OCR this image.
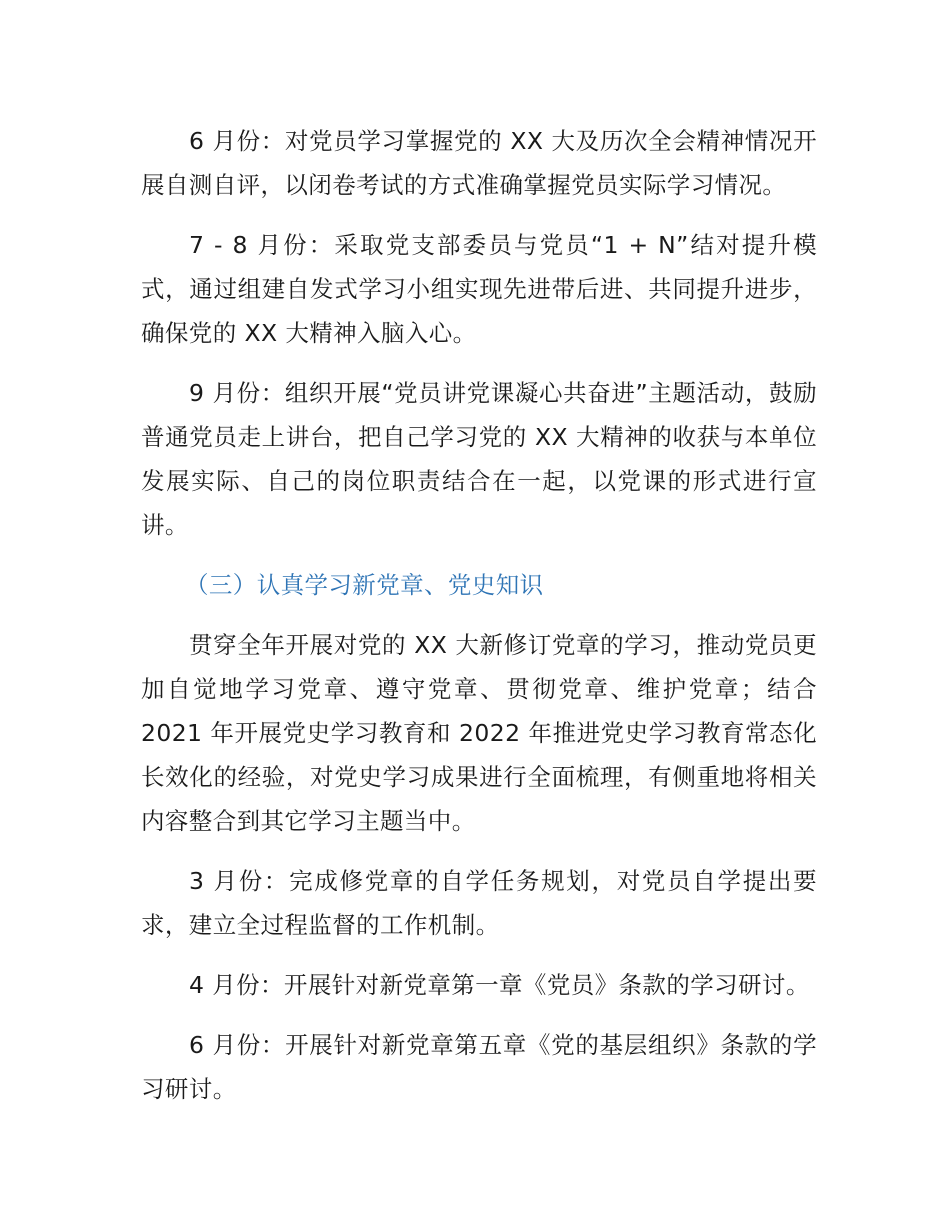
6 月份：对党员学习掌握党的 XX 大及历次全会精神情况开展自测自评，以闭卷考试的方式准确掌握党员实际学习情况。

7 - 8 月份：采取党支部委员与党员“1 + N”结对提升模式，通过组建自发式学习小组实现先进带后进、共同提升进步，确保党的 XX 大精神入脑入心。

9 月份：组织开展“党员讲党课凝心共奋进”主题活动，鼓励普通党员走上讲台，把自己学习党的 XX 大精神的收获与本单位发展实际、自己的岗位职责结合在一起，以党课的形式进行宣讲。

（三）认真学习新党章、党史知识

贯穿全年开展对党的 XX 大新修订党章的学习，推动党员更加自觉地学习党章、遵守党章、贯彻党章、维护党章；结合 2021 年开展党史学习教育和 2022 年推进党史学习教育常态化长效化的经验，对党史学习成果进行全面梳理，有侧重地将相关内容整合到其它学习主题当中。

3 月份：完成修党章的自学任务规划，对党员自学提出要求，建立全过程监督的工作机制。

4 月份：开展针对新党章第一章《党员》条款的学习研讨。

6 月份：开展针对新党章第五章《党的基层组织》条款的学习研讨。
